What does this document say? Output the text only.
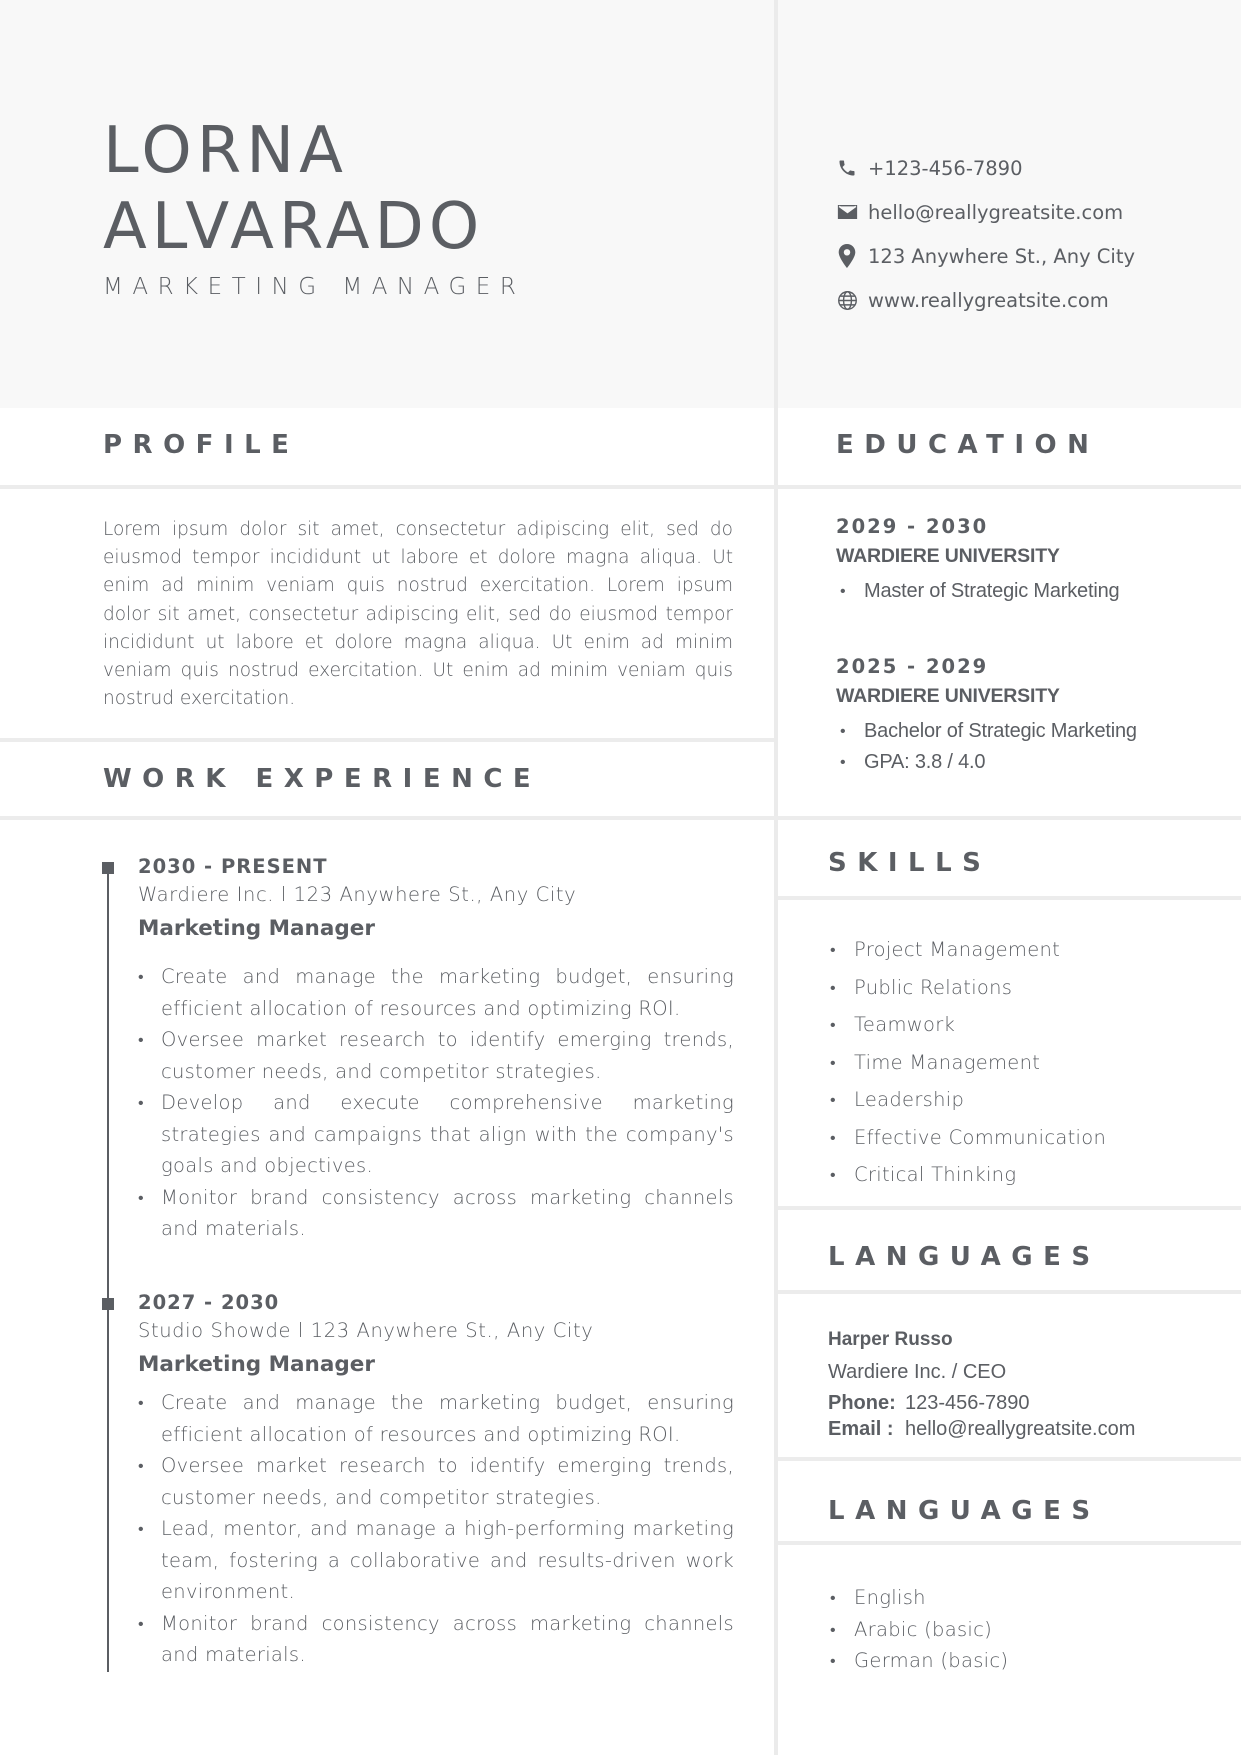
LORNA
ALVARADO
MARKETING MANAGER
+123-456-7890
hello@reallygreatsite.com
123 Anywhere St., Any City
www.reallygreatsite.com
PROFILE	EDUCATION
WORK EXPERIENCE
SKILLS
LANGUAGES
LANGUAGES
Lorem ipsum dolor sit amet, consectetur adipiscing elit, sed do eiusmod tempor incididunt ut labore et dolore magna aliqua. Ut enim ad minim veniam quis nostrud exercitation. Lorem ipsum dolor sit amet, consectetur adipiscing elit, sed do eiusmod tempor incididunt ut labore et dolore magna aliqua. Ut enim ad minim veniam quis nostrud exercitation. Ut enim ad minim veniam quis nostrud exercitation.
2030 - PRESENT
Wardiere Inc. l 123 Anywhere St., Any City
Marketing Manager
• Create and manage the marketing budget, ensuring efficient allocation of resources and optimizing ROI.
• Oversee market research to identify emerging trends, customer needs, and competitor strategies.
• Develop and execute comprehensive marketing strategies and campaigns that align with the company's goals and objectives.
• Monitor brand consistency across marketing channels and materials.
2027 - 2030
Studio Showde l 123 Anywhere St., Any City
Marketing Manager
• Create and manage the marketing budget, ensuring efficient allocation of resources and optimizing ROI.
• Oversee market research to identify emerging trends, customer needs, and competitor strategies.
• Lead, mentor, and manage a high-performing marketing team, fostering a collaborative and results-driven work environment.
• Monitor brand consistency across marketing channels and materials.
2029 - 2030
WARDIERE UNIVERSITY
• Master of Strategic Marketing
2025 - 2029
WARDIERE UNIVERSITY
• Bachelor of Strategic Marketing
• GPA: 3.8 / 4.0
• Project Management
• Public Relations
• Teamwork
• Time Management
• Leadership
• Effective Communication
• Critical Thinking
Harper Russo
Wardiere Inc. / CEO
Phone: 123-456-7890
Email : hello@reallygreatsite.com
• English
• Arabic (basic)
• German (basic)
